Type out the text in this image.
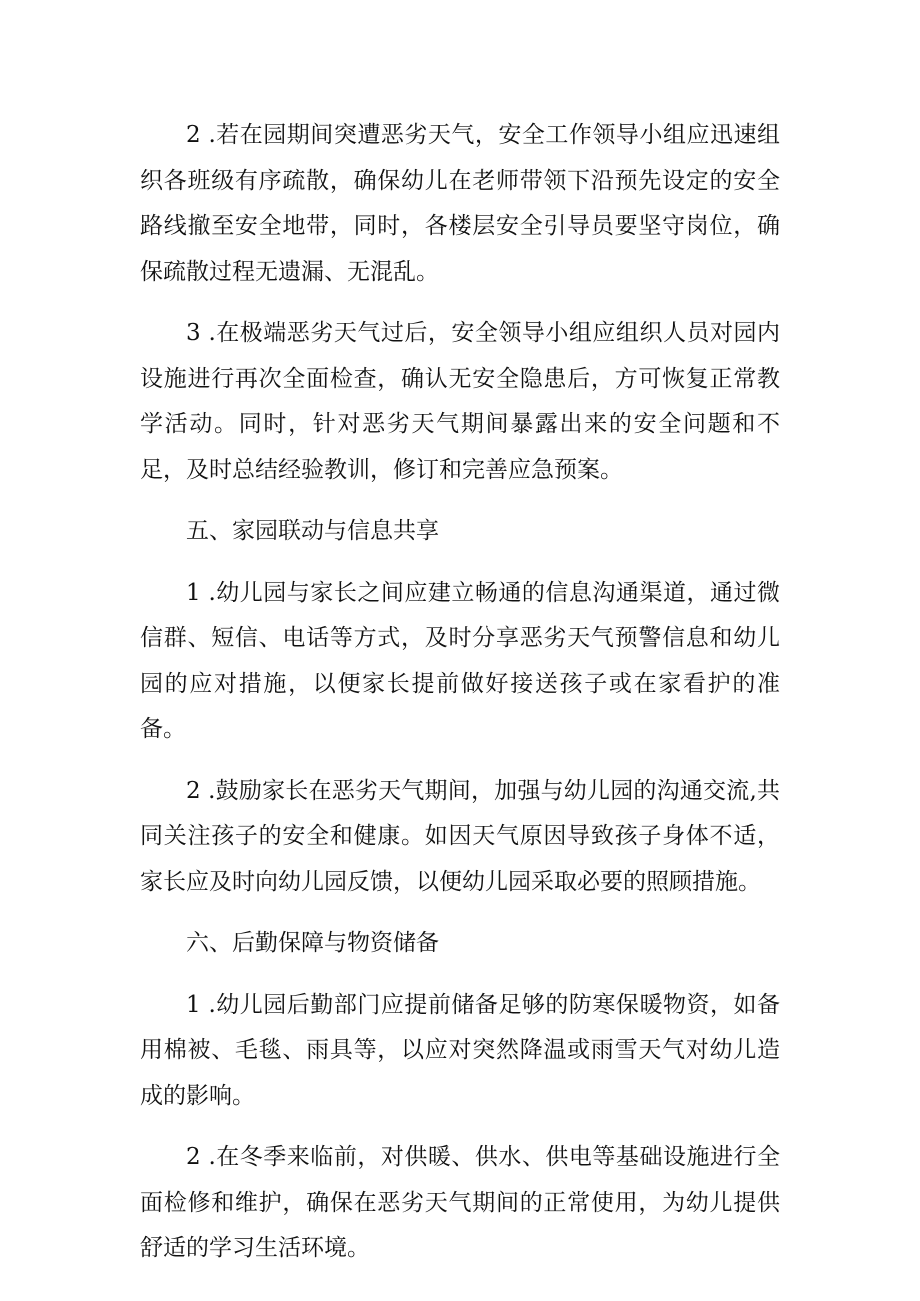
2 .若在园期间突遭恶劣天气，安全工作领导小组应迅速组织各班级有序疏散，确保幼儿在老师带领下沿预先设定的安全路线撤至安全地带，同时，各楼层安全引导员要坚守岗位，确保疏散过程无遗漏、无混乱。

3 .在极端恶劣天气过后，安全领导小组应组织人员对园内设施进行再次全面检查，确认无安全隐患后，方可恢复正常教学活动。同时，针对恶劣天气期间暴露出来的安全问题和不足，及时总结经验教训，修订和完善应急预案。

五、家园联动与信息共享

1 .幼儿园与家长之间应建立畅通的信息沟通渠道，通过微信群、短信、电话等方式，及时分享恶劣天气预警信息和幼儿园的应对措施，以便家长提前做好接送孩子或在家看护的准备。

2 .鼓励家长在恶劣天气期间，加强与幼儿园的沟通交流,共同关注孩子的安全和健康。如因天气原因导致孩子身体不适，家长应及时向幼儿园反馈，以便幼儿园采取必要的照顾措施。

六、后勤保障与物资储备

1 .幼儿园后勤部门应提前储备足够的防寒保暖物资，如备用棉被、毛毯、雨具等，以应对突然降温或雨雪天气对幼儿造成的影响。

2 .在冬季来临前，对供暖、供水、供电等基础设施进行全面检修和维护，确保在恶劣天气期间的正常使用，为幼儿提供舒适的学习生活环境。
